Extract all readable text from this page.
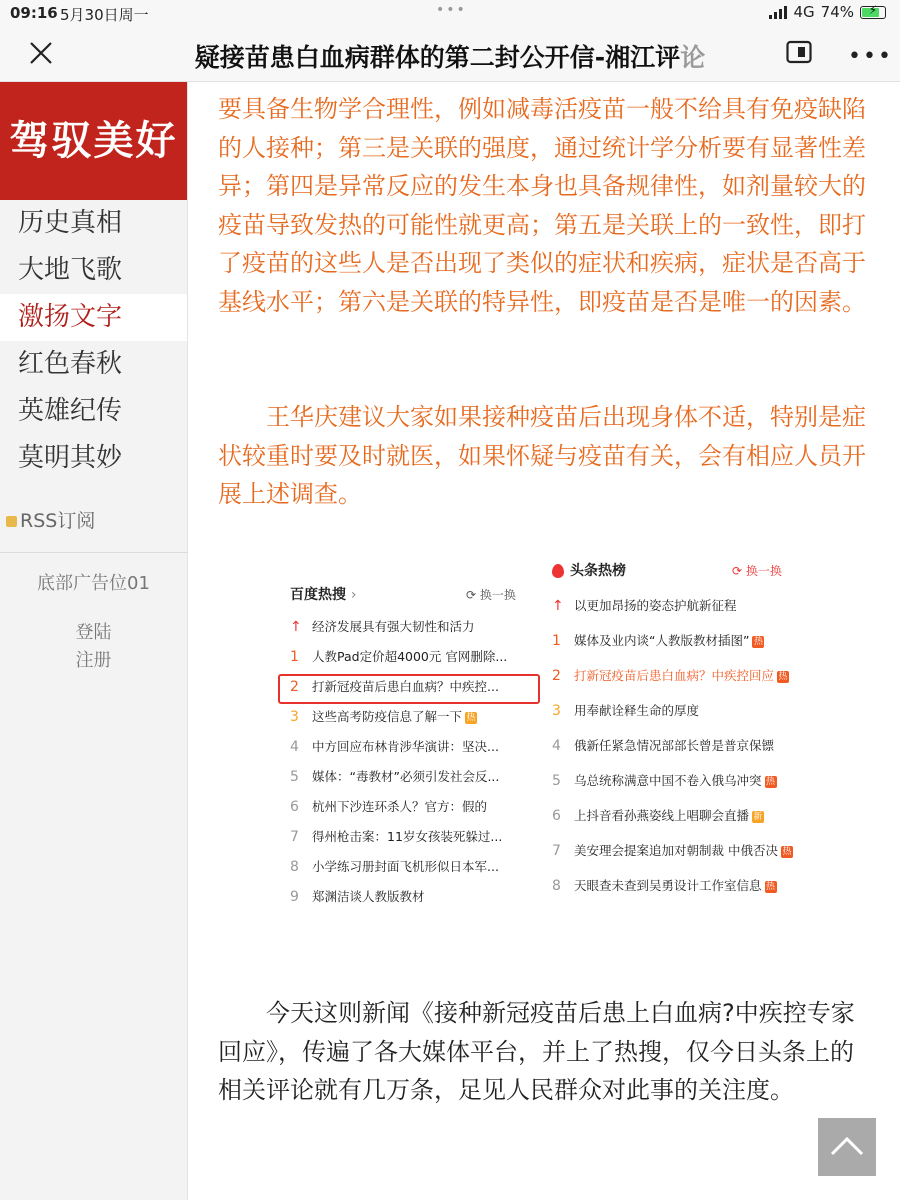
09:16 5月30日周一	•••	4G 74%	⚡
疑接苗患白血病群体的第二封公开信-湘江评论	•••
驾驭美好
历史真相
大地飞歌
激扬文字
红色春秋
英雄纪传
莫明其妙
RSS订阅
底部广告位01
登陆
注册

要具备生物学合理性，例如减毒活疫苗一般不给具有免疫缺陷的人接种；第三是关联的强度，通过统计学分析要有显著性差异；第四是异常反应的发生本身也具备规律性，如剂量较大的疫苗导致发热的可能性就更高；第五是关联上的一致性，即打了疫苗的这些人是否出现了类似的症状和疾病，症状是否高于基线水平；第六是关联的特异性，即疫苗是否是唯一的因素。

　　王华庆建议大家如果接种疫苗后出现身体不适，特别是症状较重时要及时就医，如果怀疑与疫苗有关，会有相应人员开展上述调查。

百度热搜 ›	⟳ 换一换
↑ 经济发展具有强大韧性和活力
1 人教Pad定价超4000元 官网删除...
2 打新冠疫苗后患白血病？中疾控...
3 这些高考防疫信息了解一下 热
4 中方回应布林肯涉华演讲：坚决...
5 媒体：“毒教材”必须引发社会反...
6 杭州下沙连环杀人？官方：假的
7 得州枪击案：11岁女孩装死躲过...
8 小学练习册封面飞机形似日本军...
9 郑渊洁谈人教版教材
头条热榜	⟳ 换一换
↑ 以更加昂扬的姿态护航新征程
1 媒体及业内谈“人教版教材插图” 热
2 打新冠疫苗后患白血病？中疾控回应 热
3 用奉献诠释生命的厚度
4 俄新任紧急情况部部长曾是普京保镖
5 乌总统称满意中国不卷入俄乌冲突 热
6 上抖音看孙燕姿线上唱聊会直播 新
7 美安理会提案追加对朝制裁 中俄否决 热
8 天眼查未查到吴勇设计工作室信息 热

　　今天这则新闻《接种新冠疫苗后患上白血病?中疾控专家回应》，传遍了各大媒体平台，并上了热搜，仅今日头条上的相关评论就有几万条，足见人民群众对此事的关注度。
